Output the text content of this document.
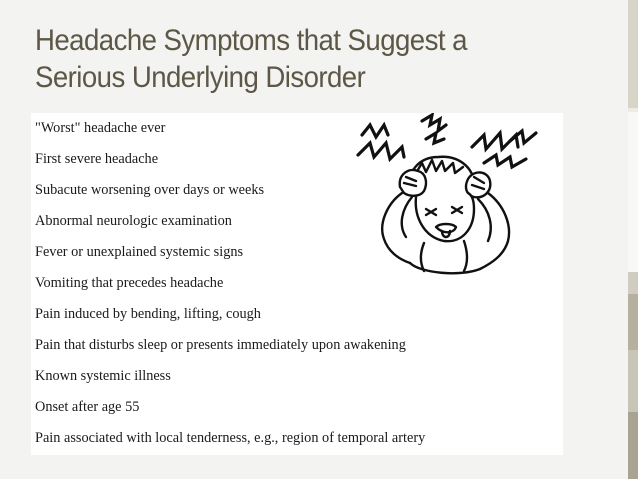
Headache Symptoms that Suggest a
Serious Underlying Disorder
"Worst" headache ever
First severe headache
Subacute worsening over days or weeks
Abnormal neurologic examination
Fever or unexplained systemic signs
Vomiting that precedes headache
Pain induced by bending, lifting, cough
Pain that disturbs sleep or presents immediately upon awakening
Known systemic illness
Onset after age 55
Pain associated with local tenderness, e.g., region of temporal artery
